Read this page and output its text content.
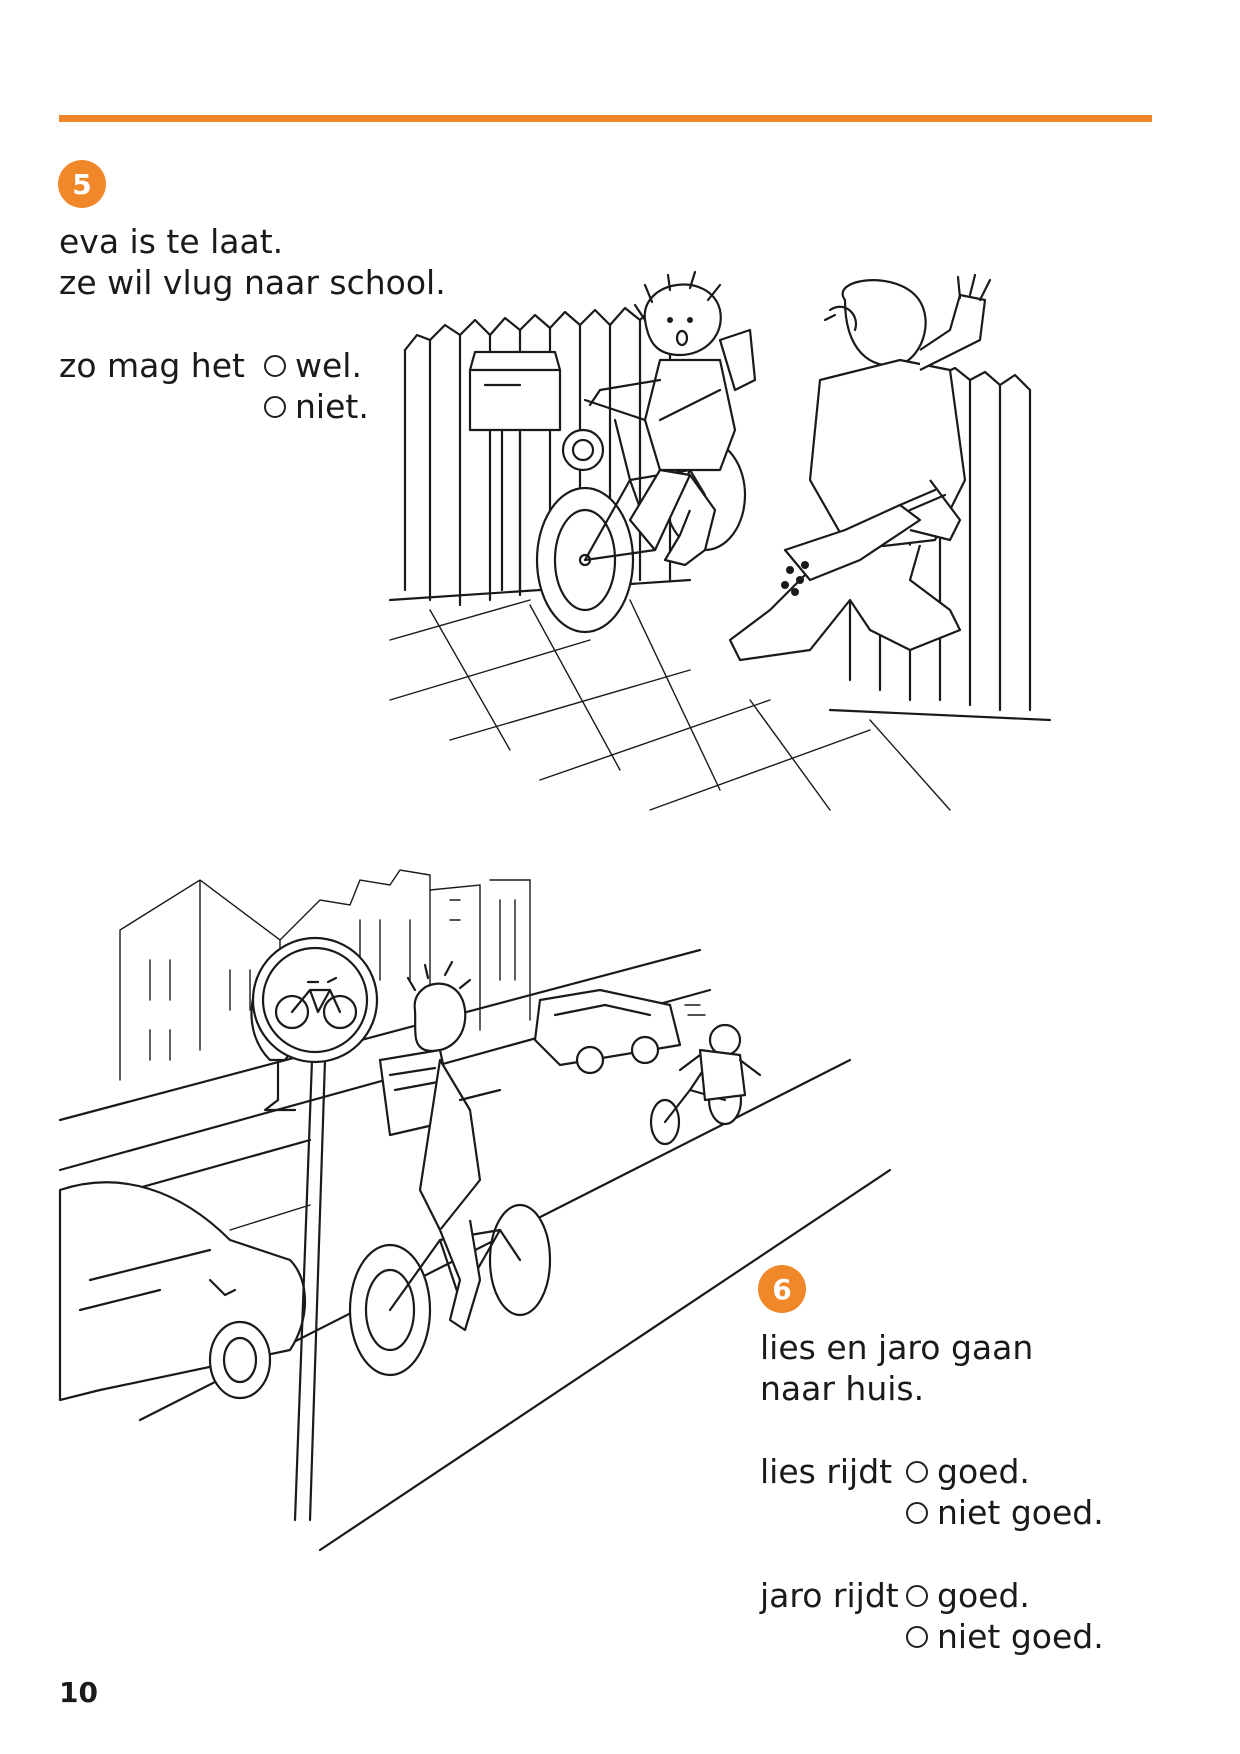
5
eva is te laat.
ze wil vlug naar school.
zo mag het wel.
niet.
6
lies en jaro gaan
naar huis.
lies rijdt goed.
niet goed.
jaro rijdt goed.
niet goed.
10
